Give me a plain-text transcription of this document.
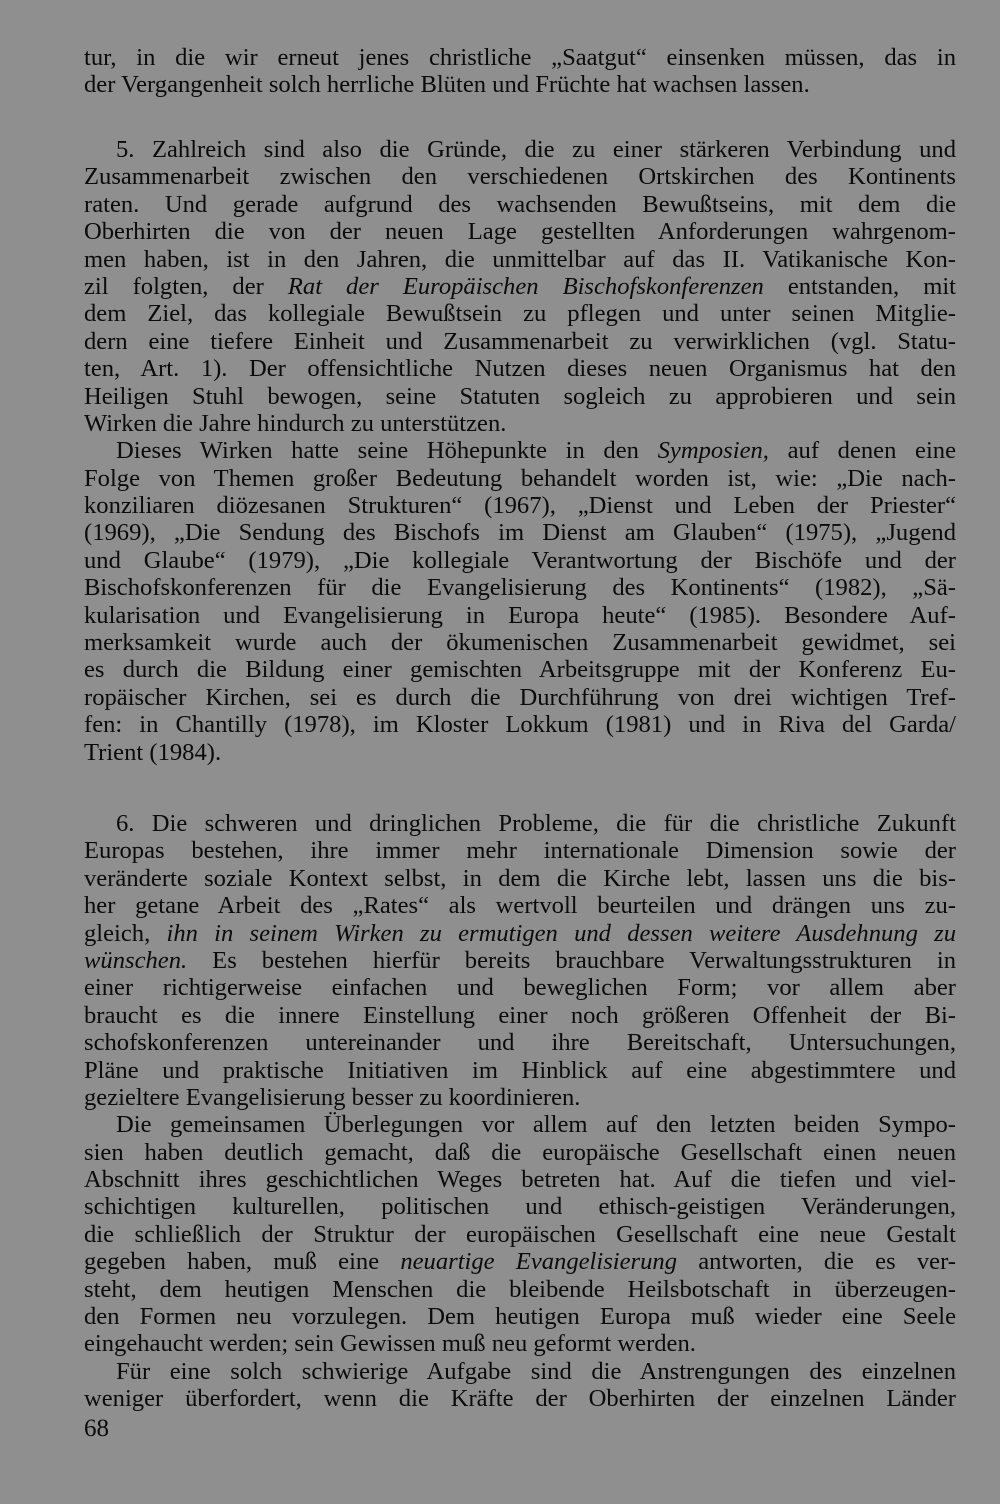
tur, in die wir erneut jenes christliche „Saatgut“ einsenken müssen, das in
der Vergangenheit solch herrliche Blüten und Früchte hat wachsen lassen.
5. Zahlreich sind also die Gründe, die zu einer stärkeren Verbindung und
Zusammenarbeit zwischen den verschiedenen Ortskirchen des Kontinents
raten. Und gerade aufgrund des wachsenden Bewußtseins, mit dem die
Oberhirten die von der neuen Lage gestellten Anforderungen wahrgenom-
men haben, ist in den Jahren, die unmittelbar auf das II. Vatikanische Kon-
zil folgten, der Rat der Europäischen Bischofskonferenzen entstanden, mit
dem Ziel, das kollegiale Bewußtsein zu pflegen und unter seinen Mitglie-
dern eine tiefere Einheit und Zusammenarbeit zu verwirklichen (vgl. Statu-
ten, Art. 1). Der offensichtliche Nutzen dieses neuen Organismus hat den
Heiligen Stuhl bewogen, seine Statuten sogleich zu approbieren und sein
Wirken die Jahre hindurch zu unterstützen.
Dieses Wirken hatte seine Höhepunkte in den Symposien, auf denen eine
Folge von Themen großer Bedeutung behandelt worden ist, wie: „Die nach-
konziliaren diözesanen Strukturen“ (1967), „Dienst und Leben der Priester“
(1969), „Die Sendung des Bischofs im Dienst am Glauben“ (1975), „Jugend
und Glaube“ (1979), „Die kollegiale Verantwortung der Bischöfe und der
Bischofskonferenzen für die Evangelisierung des Kontinents“ (1982), „Sä-
kularisation und Evangelisierung in Europa heute“ (1985). Besondere Auf-
merksamkeit wurde auch der ökumenischen Zusammenarbeit gewidmet, sei
es durch die Bildung einer gemischten Arbeitsgruppe mit der Konferenz Eu-
ropäischer Kirchen, sei es durch die Durchführung von drei wichtigen Tref-
fen: in Chantilly (1978), im Kloster Lokkum (1981) und in Riva del Garda/
Trient (1984).
6. Die schweren und dringlichen Probleme, die für die christliche Zukunft
Europas bestehen, ihre immer mehr internationale Dimension sowie der
veränderte soziale Kontext selbst, in dem die Kirche lebt, lassen uns die bis-
her getane Arbeit des „Rates“ als wertvoll beurteilen und drängen uns zu-
gleich, ihn in seinem Wirken zu ermutigen und dessen weitere Ausdehnung zu
wünschen. Es bestehen hierfür bereits brauchbare Verwaltungsstrukturen in
einer richtigerweise einfachen und beweglichen Form; vor allem aber
braucht es die innere Einstellung einer noch größeren Offenheit der Bi-
schofskonferenzen untereinander und ihre Bereitschaft, Untersuchungen,
Pläne und praktische Initiativen im Hinblick auf eine abgestimmtere und
gezieltere Evangelisierung besser zu koordinieren.
Die gemeinsamen Überlegungen vor allem auf den letzten beiden Sympo-
sien haben deutlich gemacht, daß die europäische Gesellschaft einen neuen
Abschnitt ihres geschichtlichen Weges betreten hat. Auf die tiefen und viel-
schichtigen kulturellen, politischen und ethisch-geistigen Veränderungen,
die schließlich der Struktur der europäischen Gesellschaft eine neue Gestalt
gegeben haben, muß eine neuartige Evangelisierung antworten, die es ver-
steht, dem heutigen Menschen die bleibende Heilsbotschaft in überzeugen-
den Formen neu vorzulegen. Dem heutigen Europa muß wieder eine Seele
eingehaucht werden; sein Gewissen muß neu geformt werden.
Für eine solch schwierige Aufgabe sind die Anstrengungen des einzelnen
weniger überfordert, wenn die Kräfte der Oberhirten der einzelnen Länder
68
